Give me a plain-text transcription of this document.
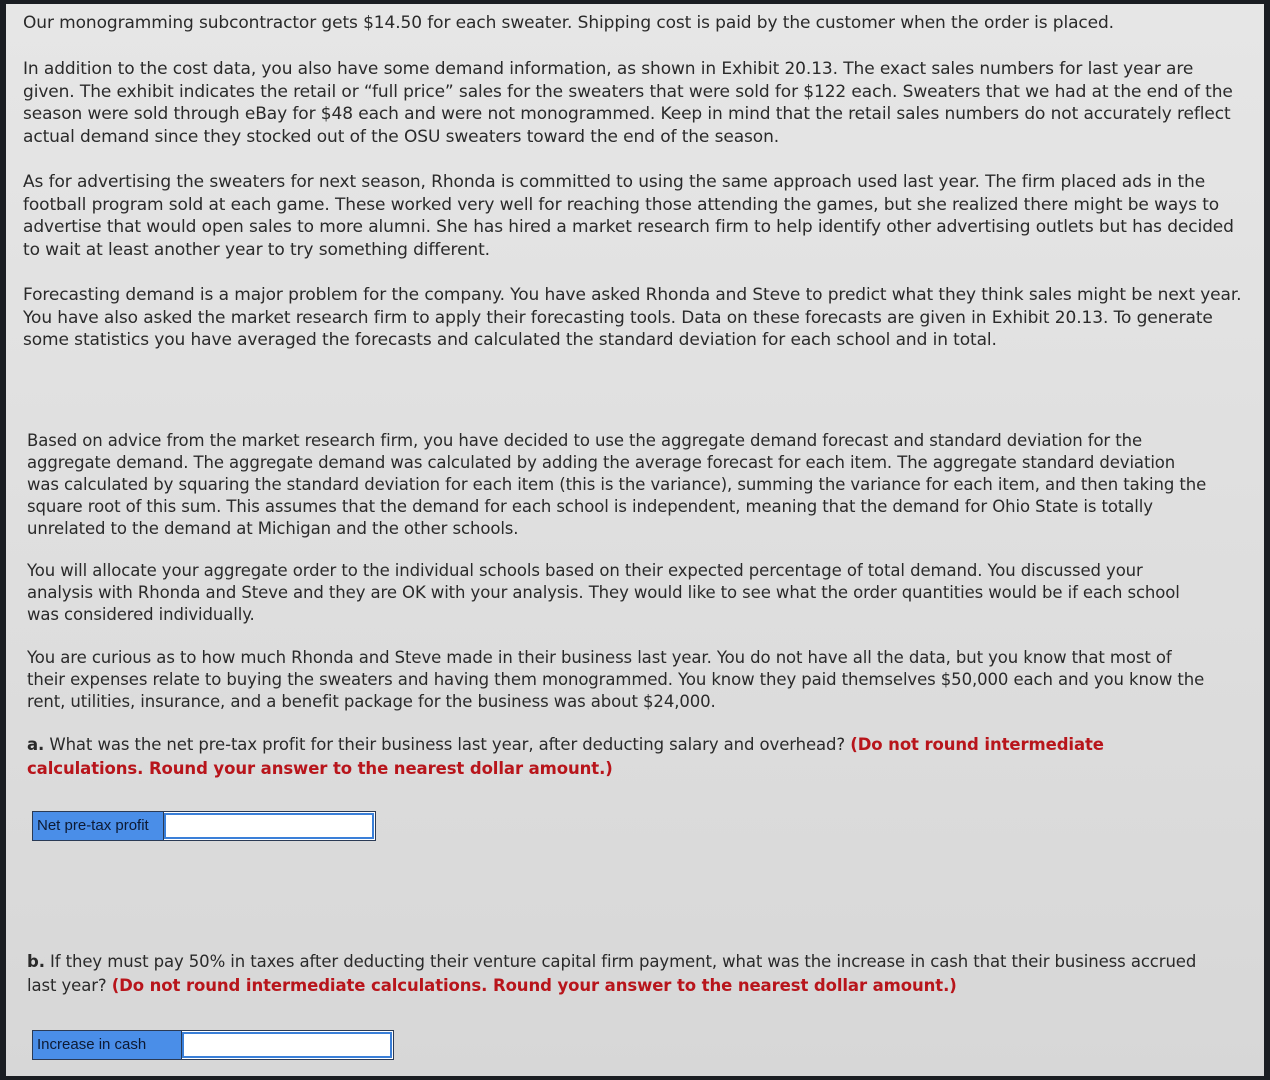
Our monogramming subcontractor gets $14.50 for each sweater. Shipping cost is paid by the customer when the order is placed.

In addition to the cost data, you also have some demand information, as shown in Exhibit 20.13. The exact sales numbers for last year are given. The exhibit indicates the retail or “full price” sales for the sweaters that were sold for $122 each. Sweaters that we had at the end of the season were sold through eBay for $48 each and were not monogrammed. Keep in mind that the retail sales numbers do not accurately reflect actual demand since they stocked out of the OSU sweaters toward the end of the season.

As for advertising the sweaters for next season, Rhonda is committed to using the same approach used last year. The firm placed ads in the football program sold at each game. These worked very well for reaching those attending the games, but she realized there might be ways to advertise that would open sales to more alumni. She has hired a market research firm to help identify other advertising outlets but has decided to wait at least another year to try something different.

Forecasting demand is a major problem for the company. You have asked Rhonda and Steve to predict what they think sales might be next year. You have also asked the market research firm to apply their forecasting tools. Data on these forecasts are given in Exhibit 20.13. To generate some statistics you have averaged the forecasts and calculated the standard deviation for each school and in total.

Based on advice from the market research firm, you have decided to use the aggregate demand forecast and standard deviation for the aggregate demand. The aggregate demand was calculated by adding the average forecast for each item. The aggregate standard deviation was calculated by squaring the standard deviation for each item (this is the variance), summing the variance for each item, and then taking the square root of this sum. This assumes that the demand for each school is independent, meaning that the demand for Ohio State is totally unrelated to the demand at Michigan and the other schools.

You will allocate your aggregate order to the individual schools based on their expected percentage of total demand. You discussed your analysis with Rhonda and Steve and they are OK with your analysis. They would like to see what the order quantities would be if each school was considered individually.

You are curious as to how much Rhonda and Steve made in their business last year. You do not have all the data, but you know that most of their expenses relate to buying the sweaters and having them monogrammed. You know they paid themselves $50,000 each and you know the rent, utilities, insurance, and a benefit package for the business was about $24,000.

a. What was the net pre-tax profit for their business last year, after deducting salary and overhead? (Do not round intermediate calculations. Round your answer to the nearest dollar amount.)

Net pre-tax profit

b. If they must pay 50% in taxes after deducting their venture capital firm payment, what was the increase in cash that their business accrued last year? (Do not round intermediate calculations. Round your answer to the nearest dollar amount.)

Increase in cash
